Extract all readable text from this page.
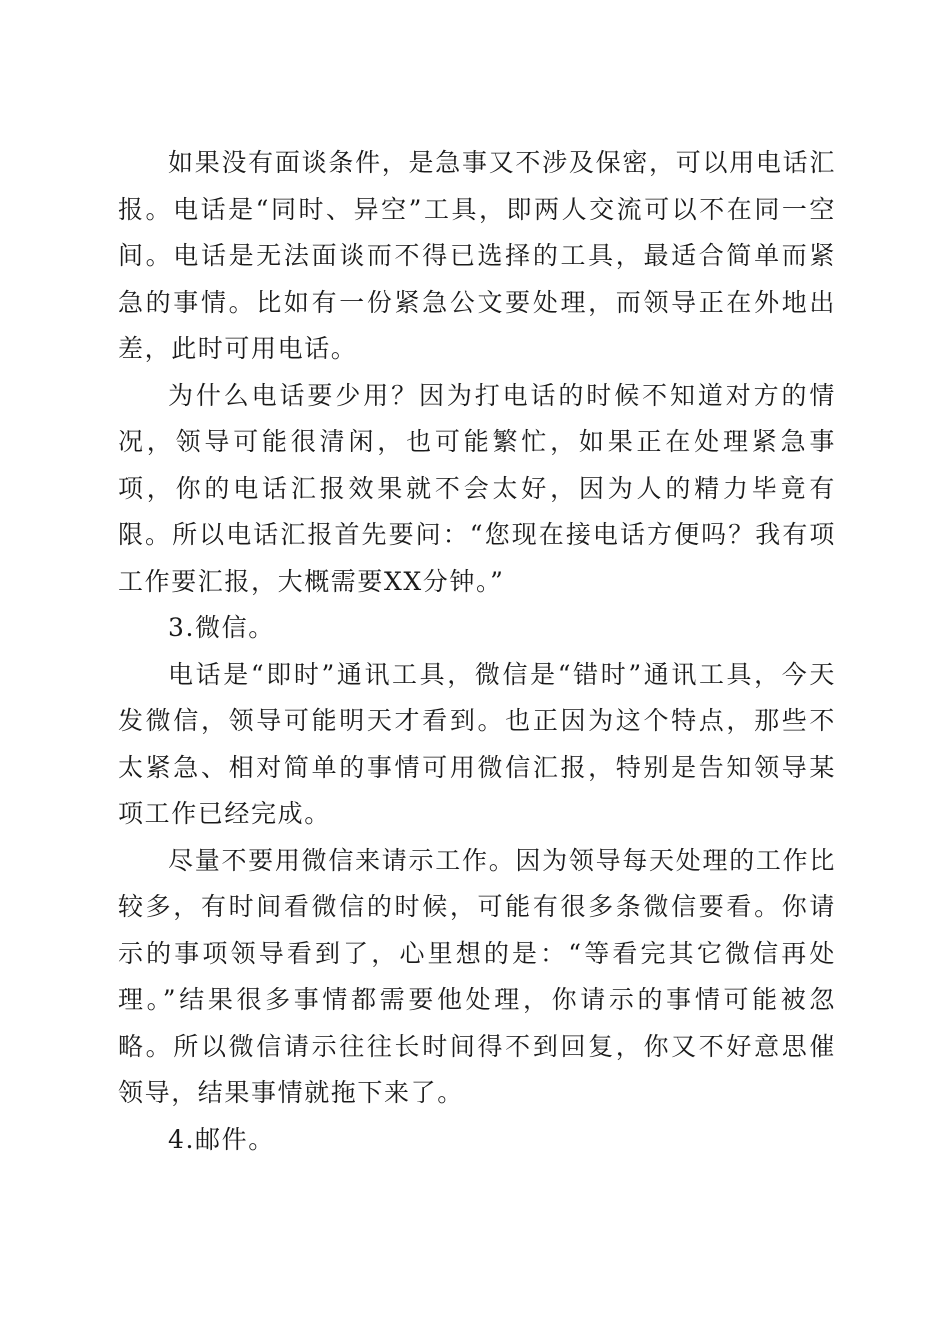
如果没有面谈条件，是急事又不涉及保密，可以用电话汇报。电话是“同时、异空”工具，即两人交流可以不在同一空间。电话是无法面谈而不得已选择的工具，最适合简单而紧急的事情。比如有一份紧急公文要处理，而领导正在外地出差，此时可用电话。

为什么电话要少用？因为打电话的时候不知道对方的情况，领导可能很清闲，也可能繁忙，如果正在处理紧急事项，你的电话汇报效果就不会太好，因为人的精力毕竟有限。所以电话汇报首先要问：“您现在接电话方便吗？我有项工作要汇报，大概需要XX分钟。”

3.微信。

电话是“即时”通讯工具，微信是“错时”通讯工具，今天发微信，领导可能明天才看到。也正因为这个特点，那些不太紧急、相对简单的事情可用微信汇报，特别是告知领导某项工作已经完成。

尽量不要用微信来请示工作。因为领导每天处理的工作比较多，有时间看微信的时候，可能有很多条微信要看。你请示的事项领导看到了，心里想的是：“等看完其它微信再处理。”结果很多事情都需要他处理，你请示的事情可能被忽略。所以微信请示往往长时间得不到回复，你又不好意思催领导，结果事情就拖下来了。

4.邮件。
